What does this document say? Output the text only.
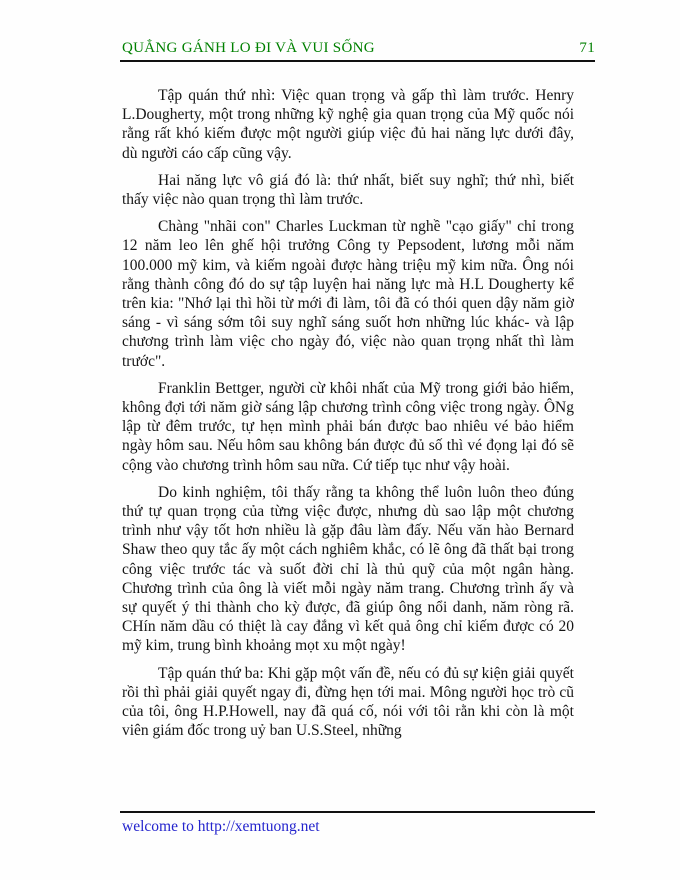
QUẲNG GÁNH LO ĐI VÀ VUI SỐNG	71

Tập quán thứ nhì: Việc quan trọng và gấp thì làm trước. Henry L.Dougherty, một trong những kỹ nghệ gia quan trọng của Mỹ quốc nói rằng rất khó kiếm được một người giúp việc đủ hai năng lực dưới đây, dù người cáo cấp cũng vậy.

Hai năng lực vô giá đó là: thứ nhất, biết suy nghĩ; thứ nhì, biết thấy việc nào quan trọng thì làm trước.

Chàng "nhãi con" Charles Luckman từ nghề "cạo giấy" chỉ trong 12 năm leo lên ghế hội trưởng Công ty Pepsodent, lương mỗi năm 100.000 mỹ kim, và kiếm ngoài được hàng triệu mỹ kim nữa. Ông nói rằng thành công đó do sự tập luyện hai năng lực mà H.L Dougherty kể trên kia: "Nhớ lại thì hồi từ mới đi làm, tôi đã có thói quen dậy năm giờ sáng - vì sáng sớm tôi suy nghĩ sáng suốt hơn những lúc khác- và lập chương trình làm việc cho ngày đó, việc nào quan trọng nhất thì làm trước".

Franklin Bettger, người cừ khôi nhất của Mỹ trong giới bảo hiểm, không đợi tới năm giờ sáng lập chương trình công việc trong ngày. ÔNg lập từ đêm trước, tự hẹn mình phải bán được bao nhiêu vé bảo hiểm ngày hôm sau. Nếu hôm sau không bán được đủ số thì vé đọng lại đó sẽ cộng vào chương trình hôm sau nữa. Cứ tiếp tục như vậy hoài.

Do kinh nghiệm, tôi thấy rằng ta không thể luôn luôn theo đúng thứ tự quan trọng của từng việc được, nhưng dù sao lập một chương trình như vậy tốt hơn nhiều là gặp đâu làm đấy. Nếu văn hào Bernard Shaw theo quy tắc ấy một cách nghiêm khắc, có lẽ ông đã thất bại trong công việc trước tác và suốt đời chỉ là thủ quỹ của một ngân hàng. Chương trình của ông là viết mỗi ngày năm trang. Chương trình ấy và sự quyết ý thi thành cho kỳ được, đã giúp ông nổi danh, năm ròng rã. CHín năm dầu có thiệt là cay đắng vì kết quả ông chỉ kiếm được có 20 mỹ kim, trung bình khoảng mọt xu một ngày!

Tập quán thứ ba: Khi gặp một vấn đề, nếu có đủ sự kiện giải quyết rồi thì phải giải quyết ngay đi, đừng hẹn tới mai. Mông người học trò cũ của tôi, ông H.P.Howell, nay đã quá cố, nói với tôi rằn khi còn là một viên giám đốc trong uỷ ban U.S.Steel, những

welcome to http://xemtuong.net
